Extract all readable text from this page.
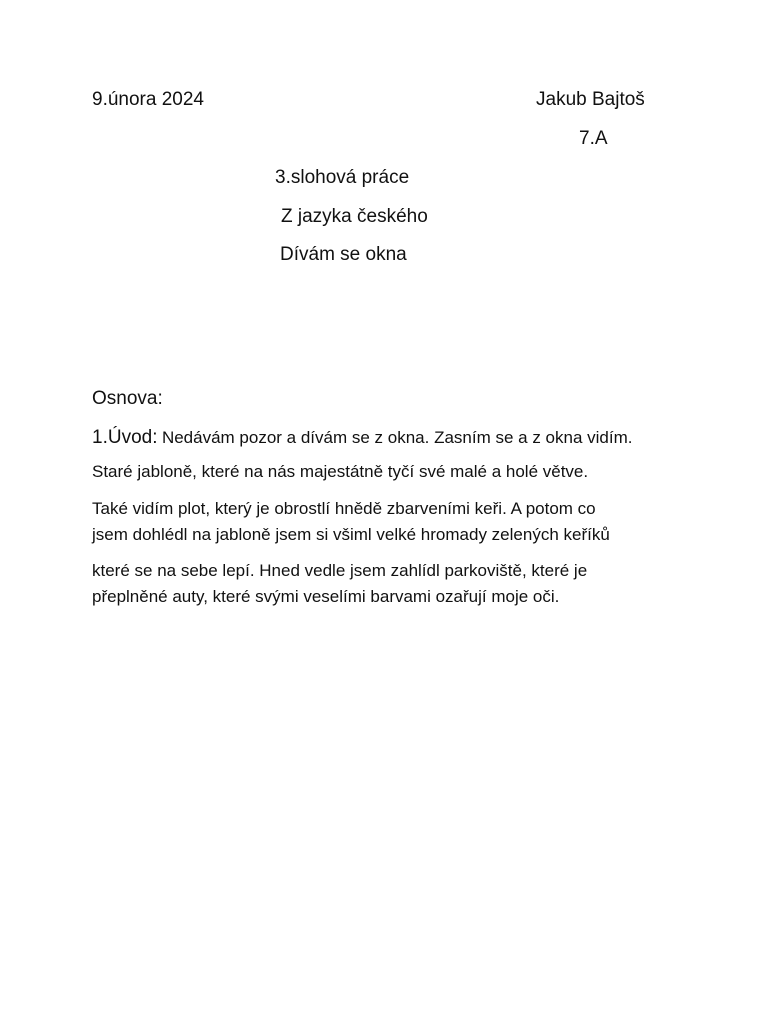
9.února 2024	Jakub Bajtoš
7.A
3.slohová práce
Z jazyka českého
Dívám se okna
Osnova:
1.Úvod: Nedávám pozor a dívám se z okna. Zasním se a z okna vidím.
Staré jabloně, které na nás majestátně tyčí své malé a holé větve.
Také vidím plot, který je obrostlí hnědě zbarveními keři. A potom co
jsem dohlédl na jabloně jsem si všiml velké hromady zelených keříků
které se na sebe lepí. Hned vedle jsem zahlídl parkoviště, které je
přeplněné auty, které svými veselími barvami ozařují moje oči.
